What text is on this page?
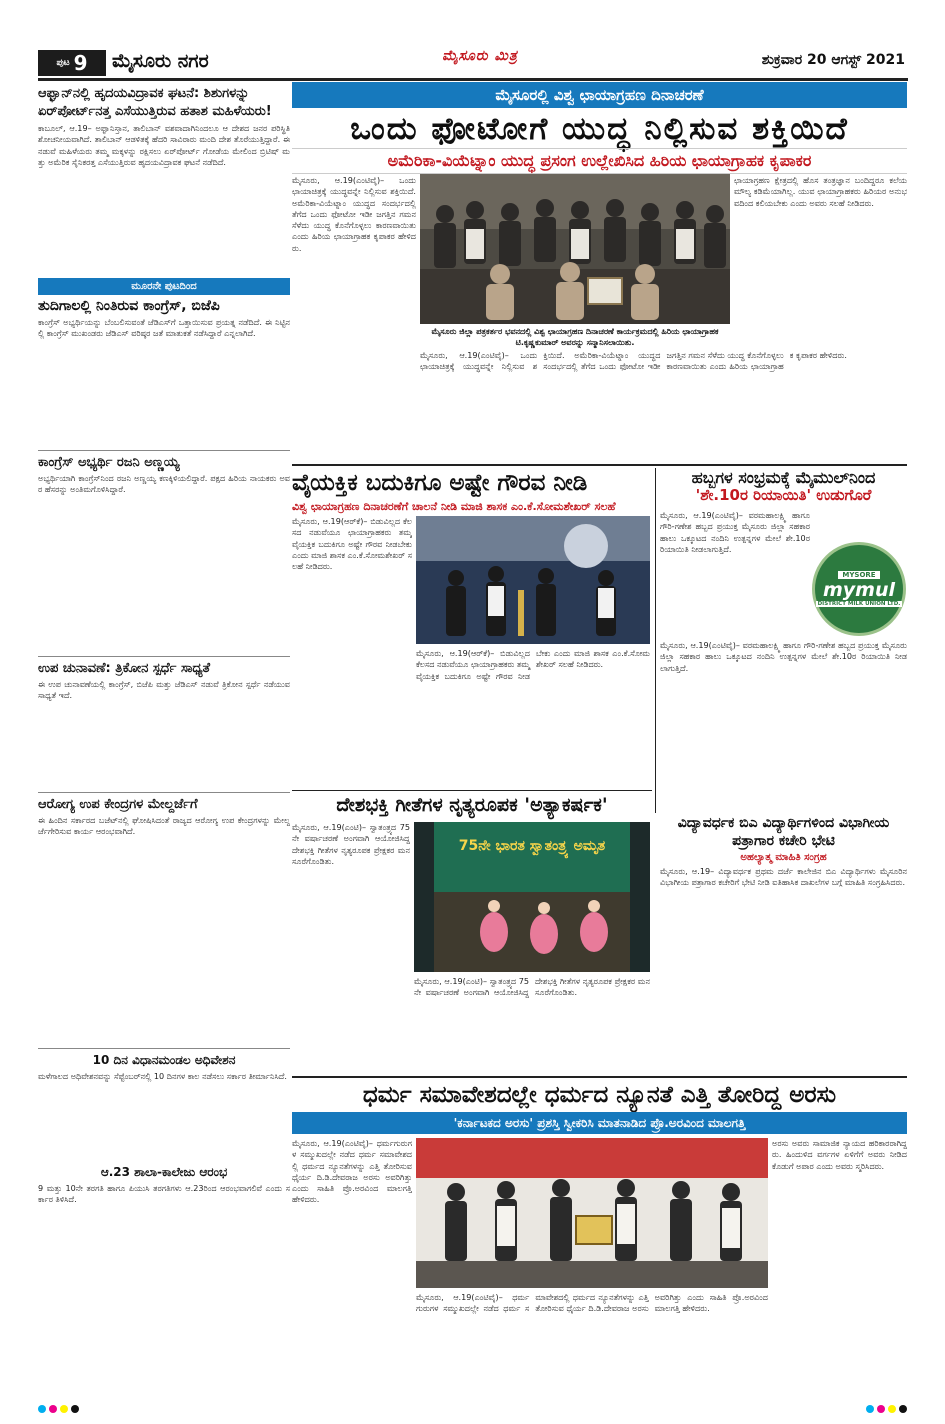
ಪುಟ 9 ಮೈಸೂರು ನಗರ	ಮೈಸೂರು ಮಿತ್ರ	ಶುಕ್ರವಾರ 20 ಆಗಸ್ಟ್ 2021
ಆಫ್ಘಾನ್‌ನಲ್ಲಿ ಹೃದಯವಿದ್ರಾವಕ ಘಟನೆ: ಶಿಶುಗಳನ್ನು ಏರ್‌ಪೋರ್ಟ್‌ನತ್ತ ಎಸೆಯುತ್ತಿರುವ ಹತಾಶ ಮಹಿಳೆಯರು!
ಕಾಬೂಲ್, ಆ.19– ಅಫ್ಘಾನಿಸ್ತಾನ, ತಾಲಿಬಾನ್ ವಶವಾದಾಗಿನಿಂದಲೂ ಆ ದೇಶದ ಜನರ ಪರಿಸ್ಥಿತಿ ಶೋಚನೀಯವಾಗಿದೆ. ತಾಲಿಬಾನ್ ಆಡಳಿತಕ್ಕೆ ಹೆದರಿ ಸಾವಿರಾರು ಮಂದಿ ದೇಶ ತೊರೆಯುತ್ತಿದ್ದಾರೆ. ಈ ನಡುವೆ ಮಹಿಳೆಯರು ತಮ್ಮ ಮಕ್ಕಳನ್ನು ರಕ್ಷಿಸಲು ಏರ್‌ಪೋರ್ಟ್ ಗೋಡೆಯ ಮೇಲಿಂದ ಬ್ರಿಟಿಷ್ ಮತ್ತು ಅಮೆರಿಕ ಸೈನಿಕರತ್ತ ಎಸೆಯುತ್ತಿರುವ ಹೃದಯವಿದ್ರಾವಕ ಘಟನೆ ನಡೆದಿದೆ.
ಮೂರನೇ ಪುಟದಿಂದ
ತುದಿಗಾಲಲ್ಲಿ ನಿಂತಿರುವ ಕಾಂಗ್ರೆಸ್, ಬಿಜೆಪಿ
ಕಾಂಗ್ರೆಸ್ ಅಭ್ಯರ್ಥಿಯನ್ನು ಬೆಂಬಲಿಸುವಂತೆ ಜೆಡಿಎಸ್‌ಗೆ ಒತ್ತಾಯಿಸುವ ಪ್ರಯತ್ನ ನಡೆದಿದೆ. ಈ ನಿಟ್ಟಿನಲ್ಲಿ ಕಾಂಗ್ರೆಸ್ ಮುಖಂಡರು ಜೆಡಿಎಸ್ ವರಿಷ್ಠರ ಜತೆ ಮಾತುಕತೆ ನಡೆಸಿದ್ದಾರೆ ಎನ್ನಲಾಗಿದೆ.
ಕಾಂಗ್ರೆಸ್ ಅಭ್ಯರ್ಥಿ ರಜನಿ ಅಣ್ಣಯ್ಯ
ಅಭ್ಯರ್ಥಿಯಾಗಿ ಕಾಂಗ್ರೆಸ್‌ನಿಂದ ರಜನಿ ಅಣ್ಣಯ್ಯ ಕಣಕ್ಕಿಳಿಯಲಿದ್ದಾರೆ. ಪಕ್ಷದ ಹಿರಿಯ ನಾಯಕರು ಅವರ ಹೆಸರನ್ನು ಅಂತಿಮಗೊಳಿಸಿದ್ದಾರೆ.
ಉಪ ಚುನಾವಣೆ: ತ್ರಿಕೋನ ಸ್ಪರ್ಧೆ ಸಾಧ್ಯತೆ
ಈ ಉಪ ಚುನಾವಣೆಯಲ್ಲಿ ಕಾಂಗ್ರೆಸ್, ಬಿಜೆಪಿ ಮತ್ತು ಜೆಡಿಎಸ್ ನಡುವೆ ತ್ರಿಕೋನ ಸ್ಪರ್ಧೆ ನಡೆಯುವ ಸಾಧ್ಯತೆ ಇದೆ.
ಆರೋಗ್ಯ ಉಪ ಕೇಂದ್ರಗಳ ಮೇಲ್ದರ್ಜೆಗೆ
ಈ ಹಿಂದಿನ ಸರ್ಕಾರದ ಬಜೆಟ್‌ನಲ್ಲಿ ಘೋಷಿಸಿದಂತೆ ರಾಜ್ಯದ ಆರೋಗ್ಯ ಉಪ ಕೇಂದ್ರಗಳನ್ನು ಮೇಲ್ದರ್ಜೆಗೇರಿಸುವ ಕಾರ್ಯ ಆರಂಭವಾಗಿದೆ.
10 ದಿನ ವಿಧಾನಮಂಡಲ ಅಧಿವೇಶನ
ಮಳೆಗಾಲದ ಅಧಿವೇಶನವನ್ನು ಸೆಪ್ಟೆಂಬರ್‌ನಲ್ಲಿ 10 ದಿನಗಳ ಕಾಲ ನಡೆಸಲು ಸರ್ಕಾರ ತೀರ್ಮಾನಿಸಿದೆ.
ಆ.23 ಶಾಲಾ-ಕಾಲೇಜು ಆರಂಭ
9 ಮತ್ತು 10ನೇ ತರಗತಿ ಹಾಗೂ ಪಿಯುಸಿ ತರಗತಿಗಳು ಆ.23ರಿಂದ ಆರಂಭವಾಗಲಿವೆ ಎಂದು ಸರ್ಕಾರ ತಿಳಿಸಿದೆ.
ಮೈಸೂರಲ್ಲಿ ವಿಶ್ವ ಛಾಯಾಗ್ರಹಣ ದಿನಾಚರಣೆ
ಒಂದು ಫೋಟೋಗೆ ಯುದ್ಧ ನಿಲ್ಲಿಸುವ ಶಕ್ತಿಯಿದೆ
ಅಮೆರಿಕಾ-ವಿಯೆಟ್ನಾಂ ಯುದ್ಧ ಪ್ರಸಂಗ ಉಲ್ಲೇಖಿಸಿದ ಹಿರಿಯ ಛಾಯಾಗ್ರಾಹಕ ಕೃಪಾಕರ
ಮೈಸೂರು, ಆ.19(ಎಂಟಿವೈ)– ಒಂದು ಛಾಯಾಚಿತ್ರಕ್ಕೆ ಯುದ್ಧವನ್ನೇ ನಿಲ್ಲಿಸುವ ಶಕ್ತಿಯಿದೆ. ಅಮೆರಿಕಾ-ವಿಯೆಟ್ನಾಂ ಯುದ್ಧದ ಸಂದರ್ಭದಲ್ಲಿ ತೆಗೆದ ಒಂದು ಫೋಟೋ ಇಡೀ ಜಗತ್ತಿನ ಗಮನ ಸೆಳೆದು ಯುದ್ಧ ಕೊನೆಗೊಳ್ಳಲು ಕಾರಣವಾಯಿತು ಎಂದು ಹಿರಿಯ ಛಾಯಾಗ್ರಾಹಕ ಕೃಪಾಕರ ಹೇಳಿದರು.
ಮೈಸೂರು ಜಿಲ್ಲಾ ಪತ್ರಕರ್ತರ ಭವನದಲ್ಲಿ ವಿಶ್ವ ಛಾಯಾಗ್ರಹಣ ದಿನಾಚರಣೆ ಕಾರ್ಯಕ್ರಮದಲ್ಲಿ ಹಿರಿಯ ಛಾಯಾಗ್ರಾಹಕ ಟಿ.ಕೃಷ್ಣಕುಮಾರ್ ಅವರನ್ನು ಸನ್ಮಾನಿಸಲಾಯಿತು.
ಛಾಯಾಗ್ರಹಣ ಕ್ಷೇತ್ರದಲ್ಲಿ ಹೊಸ ತಂತ್ರಜ್ಞಾನ ಬಂದಿದ್ದರೂ ಕಲೆಯ ಮೌಲ್ಯ ಕಡಿಮೆಯಾಗಿಲ್ಲ. ಯುವ ಛಾಯಾಗ್ರಾಹಕರು ಹಿರಿಯರ ಅನುಭವದಿಂದ ಕಲಿಯಬೇಕು ಎಂದು ಅವರು ಸಲಹೆ ನೀಡಿದರು.
ಮೈಸೂರು, ಆ.19(ಎಂಟಿವೈ)– ಒಂದು ಛಾಯಾಚಿತ್ರಕ್ಕೆ ಯುದ್ಧವನ್ನೇ ನಿಲ್ಲಿಸುವ ಶಕ್ತಿಯಿದೆ. ಅಮೆರಿಕಾ-ವಿಯೆಟ್ನಾಂ ಯುದ್ಧದ ಸಂದರ್ಭದಲ್ಲಿ ತೆಗೆದ ಒಂದು ಫೋಟೋ ಇಡೀ ಜಗತ್ತಿನ ಗಮನ ಸೆಳೆದು ಯುದ್ಧ ಕೊನೆಗೊಳ್ಳಲು ಕಾರಣವಾಯಿತು ಎಂದು ಹಿರಿಯ ಛಾಯಾಗ್ರಾಹಕ ಕೃಪಾಕರ ಹೇಳಿದರು.
ವೈಯಕ್ತಿಕ ಬದುಕಿಗೂ ಅಷ್ಟೇ ಗೌರವ ನೀಡಿ
ವಿಶ್ವ ಛಾಯಾಗ್ರಹಣ ದಿನಾಚರಣೆಗೆ ಚಾಲನೆ ನೀಡಿ ಮಾಜಿ ಶಾಸಕ ಎಂ.ಕೆ.ಸೋಮಶೇಖರ್ ಸಲಹೆ
ಮೈಸೂರು, ಆ.19(ಆರ್‌ಕೆ)– ಬಿಡುವಿಲ್ಲದ ಕೆಲಸದ ನಡುವೆಯೂ ಛಾಯಾಗ್ರಾಹಕರು ತಮ್ಮ ವೈಯಕ್ತಿಕ ಬದುಕಿಗೂ ಅಷ್ಟೇ ಗೌರವ ನೀಡಬೇಕು ಎಂದು ಮಾಜಿ ಶಾಸಕ ಎಂ.ಕೆ.ಸೋಮಶೇಖರ್ ಸಲಹೆ ನೀಡಿದರು.
ಮೈಸೂರು, ಆ.19(ಆರ್‌ಕೆ)– ಬಿಡುವಿಲ್ಲದ ಕೆಲಸದ ನಡುವೆಯೂ ಛಾಯಾಗ್ರಾಹಕರು ತಮ್ಮ ವೈಯಕ್ತಿಕ ಬದುಕಿಗೂ ಅಷ್ಟೇ ಗೌರವ ನೀಡಬೇಕು ಎಂದು ಮಾಜಿ ಶಾಸಕ ಎಂ.ಕೆ.ಸೋಮಶೇಖರ್ ಸಲಹೆ ನೀಡಿದರು.
ಹಬ್ಬಗಳ ಸಂಭ್ರಮಕ್ಕೆ ಮೈಮುಲ್‌ನಿಂದ
'ಶೇ.10ರ ರಿಯಾಯಿತಿ' ಉಡುಗೊರೆ
ಮೈಸೂರು, ಆ.19(ಎಂಟಿವೈ)– ವರಮಹಾಲಕ್ಷ್ಮಿ ಹಾಗೂ ಗೌರಿ-ಗಣೇಶ ಹಬ್ಬದ ಪ್ರಯುಕ್ತ ಮೈಸೂರು ಜಿಲ್ಲಾ ಸಹಕಾರ ಹಾಲು ಒಕ್ಕೂಟದ ನಂದಿನಿ ಉತ್ಪನ್ನಗಳ ಮೇಲೆ ಶೇ.10ರ ರಿಯಾಯಿತಿ ನೀಡಲಾಗುತ್ತಿದೆ.
MYSORE
mymul
DISTRICT MILK UNION LTD.
ಮೈಸೂರು, ಆ.19(ಎಂಟಿವೈ)– ವರಮಹಾಲಕ್ಷ್ಮಿ ಹಾಗೂ ಗೌರಿ-ಗಣೇಶ ಹಬ್ಬದ ಪ್ರಯುಕ್ತ ಮೈಸೂರು ಜಿಲ್ಲಾ ಸಹಕಾರ ಹಾಲು ಒಕ್ಕೂಟದ ನಂದಿನಿ ಉತ್ಪನ್ನಗಳ ಮೇಲೆ ಶೇ.10ರ ರಿಯಾಯಿತಿ ನೀಡಲಾಗುತ್ತಿದೆ.
ದೇಶಭಕ್ತಿ ಗೀತೆಗಳ ನೃತ್ಯರೂಪಕ 'ಅತ್ಯಾಕರ್ಷಕ'
ಮೈಸೂರು, ಆ.19(ಎಂಟಿ)– ಸ್ವಾತಂತ್ರ್ಯದ 75ನೇ ವರ್ಷಾಚರಣೆ ಅಂಗವಾಗಿ ಆಯೋಜಿಸಿದ್ದ ದೇಶಭಕ್ತಿ ಗೀತೆಗಳ ನೃತ್ಯರೂಪಕ ಪ್ರೇಕ್ಷಕರ ಮನಸೂರೆಗೊಂಡಿತು.
75ನೇ ಭಾರತ ಸ್ವಾತಂತ್ರ್ಯ ಅಮೃತ
ಮೈಸೂರು, ಆ.19(ಎಂಟಿ)– ಸ್ವಾತಂತ್ರ್ಯದ 75ನೇ ವರ್ಷಾಚರಣೆ ಅಂಗವಾಗಿ ಆಯೋಜಿಸಿದ್ದ ದೇಶಭಕ್ತಿ ಗೀತೆಗಳ ನೃತ್ಯರೂಪಕ ಪ್ರೇಕ್ಷಕರ ಮನಸೂರೆಗೊಂಡಿತು.
ವಿದ್ಯಾವರ್ಧಕ ಬಿಎ ವಿದ್ಯಾರ್ಥಿಗಳಿಂದ ವಿಭಾಗೀಯ ಪತ್ರಾಗಾರ ಕಚೇರಿ ಭೇಟಿ
ಅಹಲ್ಯಾತ್ಮ ಮಾಹಿತಿ ಸಂಗ್ರಹ
ಮೈಸೂರು, ಆ.19– ವಿದ್ಯಾವರ್ಧಕ ಪ್ರಥಮ ದರ್ಜೆ ಕಾಲೇಜಿನ ಬಿಎ ವಿದ್ಯಾರ್ಥಿಗಳು ಮೈಸೂರಿನ ವಿಭಾಗೀಯ ಪತ್ರಾಗಾರ ಕಚೇರಿಗೆ ಭೇಟಿ ನೀಡಿ ಐತಿಹಾಸಿಕ ದಾಖಲೆಗಳ ಬಗ್ಗೆ ಮಾಹಿತಿ ಸಂಗ್ರಹಿಸಿದರು.
ಧರ್ಮ ಸಮಾವೇಶದಲ್ಲೇ ಧರ್ಮದ ನ್ಯೂನತೆ ಎತ್ತಿ ತೋರಿದ್ದ ಅರಸು
'ಕರ್ನಾಟಕದ ಅರಸು' ಪ್ರಶಸ್ತಿ ಸ್ವೀಕರಿಸಿ ಮಾತನಾಡಿದ ಪ್ರೊ.ಅರವಿಂದ ಮಾಲಗತ್ತಿ
ಮೈಸೂರು, ಆ.19(ಎಂಟಿವೈ)– ಧರ್ಮಗುರುಗಳ ಸಮ್ಮುಖದಲ್ಲೇ ನಡೆದ ಧರ್ಮ ಸಮಾವೇಶದಲ್ಲಿ ಧರ್ಮದ ನ್ಯೂನತೆಗಳನ್ನು ಎತ್ತಿ ತೋರಿಸುವ ಧೈರ್ಯ ದಿ.ಡಿ.ದೇವರಾಜ ಅರಸು ಅವರಿಗಿತ್ತು ಎಂದು ಸಾಹಿತಿ ಪ್ರೊ.ಅರವಿಂದ ಮಾಲಗತ್ತಿ ಹೇಳಿದರು.
ಮೈಸೂರು, ಆ.19(ಎಂಟಿವೈ)– ಧರ್ಮಗುರುಗಳ ಸಮ್ಮುಖದಲ್ಲೇ ನಡೆದ ಧರ್ಮ ಸಮಾವೇಶದಲ್ಲಿ ಧರ್ಮದ ನ್ಯೂನತೆಗಳನ್ನು ಎತ್ತಿ ತೋರಿಸುವ ಧೈರ್ಯ ದಿ.ಡಿ.ದೇವರಾಜ ಅರಸು ಅವರಿಗಿತ್ತು ಎಂದು ಸಾಹಿತಿ ಪ್ರೊ.ಅರವಿಂದ ಮಾಲಗತ್ತಿ ಹೇಳಿದರು.
ಅರಸು ಅವರು ಸಾಮಾಜಿಕ ನ್ಯಾಯದ ಹರಿಕಾರರಾಗಿದ್ದರು. ಹಿಂದುಳಿದ ವರ್ಗಗಳ ಏಳಿಗೆಗೆ ಅವರು ನೀಡಿದ ಕೊಡುಗೆ ಅಪಾರ ಎಂದು ಅವರು ಸ್ಮರಿಸಿದರು.
